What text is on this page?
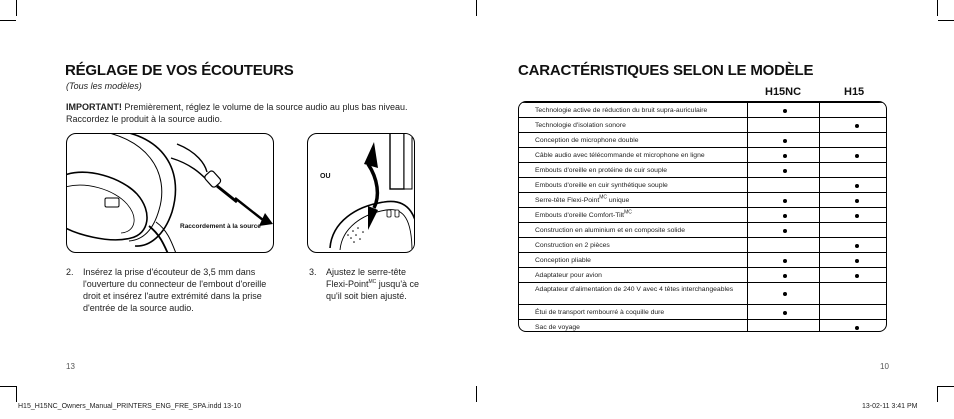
RÉGLAGE DE VOS ÉCOUTEURS
(Tous les modèles)
IMPORTANT! Premièrement, réglez le volume de la source audio au plus bas niveau.
Raccordez le produit à la source audio.
Raccordement à la source
OU
2. Insérez la prise d'écouteur de 3,5 mm dans
l'ouverture du connecteur de l'embout d'oreille
droit et insérez l'autre extrémité dans la prise
d'entrée de la source audio.
3. Ajustez le serre-tête
Flexi-Point$^{MC}$ jusqu'à ce
qu'il soit bien ajusté.
13
CARACTÉRISTIQUES SELON LE MODÈLE
H15NC	H15
Technologie active de réduction du bruit supra-auriculaire
Technologie d'isolation sonore
Conception de microphone double
Câble audio avec télécommande et microphone en ligne
Embouts d'oreille en protéine de cuir souple
Embouts d'oreille en cuir synthétique souple
Serre-tête Flexi-Point$^{MC}$ unique
Embouts d'oreille Comfort-Tilt$^{MC}$
Construction en aluminium et en composite solide
Construction en 2 pièces
Conception pliable
Adaptateur pour avion
Adaptateur d'alimentation de 240 V avec 4 têtes interchangeables
Étui de transport rembourré à coquille dure
Sac de voyage
10
H15_H15NC_Owners_Manual_PRINTERS_ENG_FRE_SPA.indd 13-10	13-02-11 3:41 PM
